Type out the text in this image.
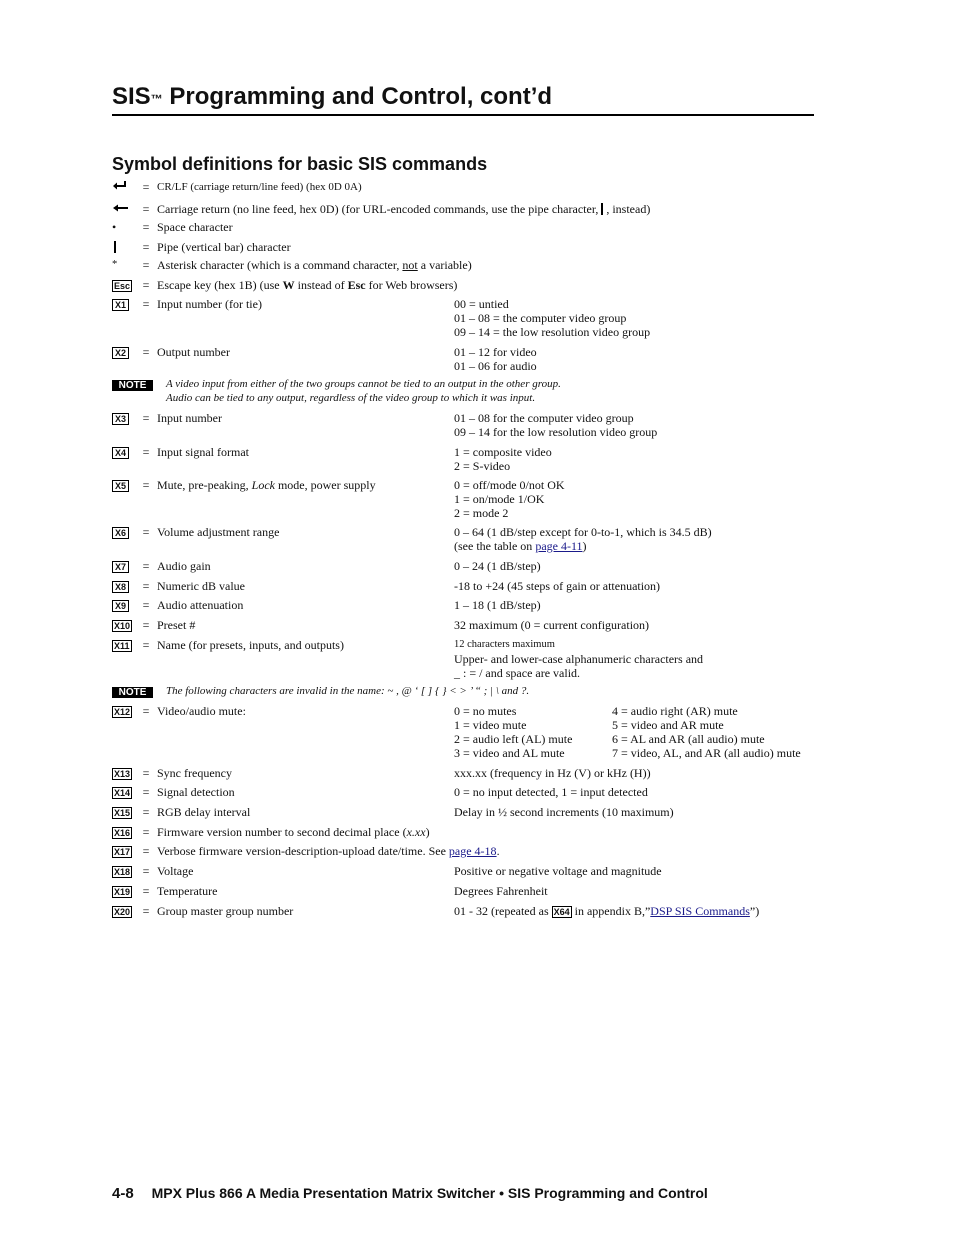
SIS™ Programming and Control, cont’d
Symbol definitions for basic SIS commands
= CR/LF (carriage return/line feed) (hex 0D 0A)
= Carriage return (no line feed, hex 0D) (for URL-encoded commands, use the pipe character, , instead)
•	= Space character
= Pipe (vertical bar) character
*	= Asterisk character (which is a command character, not a variable)
Esc	= Escape key (hex 1B) (use W instead of Esc for Web browsers)
X1	= Input number (for tie)	00 = untied
01 – 08 = the computer video group
09 – 14 = the low resolution video group
X2	= Output number	01 – 12 for video
01 – 06 for audio
NOTE A video input from either of the two groups cannot be tied to an output in the other group.
Audio can be tied to any output, regardless of the video group to which it was input.
X3	= Input number	01 – 08 for the computer video group
09 – 14 for the low resolution video group
X4	= Input signal format	1 = composite video
2 = S-video
X5	= Mute, pre-peaking, Lock mode, power supply	0 = off/mode 0/not OK
1 = on/mode 1/OK
2 = mode 2
X6	= Volume adjustment range	0 – 64 (1 dB/step except for 0-to-1, which is 34.5 dB)
(see the table on page 4-11)
X7	= Audio gain	0 – 24 (1 dB/step)
X8	= Numeric dB value	-18 to +24 (45 steps of gain or attenuation)
X9	= Audio attenuation	1 – 18 (1 dB/step)
X10	= Preset #	32 maximum (0 = current configuration)
X11	= Name (for presets, inputs, and outputs)	12 characters maximum
Upper- and lower-case alphanumeric characters and
_ : = / and space are valid.
NOTE The following characters are invalid in the name: ~ , @ ‘ [ ] { } < > ’ “ ; | \ and ?.
X12	= Video/audio mute:	0 = no mutes	4 = audio right (AR) mute
1 = video mute	5 = video and AR mute
2 = audio left (AL) mute	6 = AL and AR (all audio) mute
3 = video and AL mute	7 = video, AL, and AR (all audio) mute
X13	= Sync frequency	xxx.xx (frequency in Hz (V) or kHz (H))
X14	= Signal detection	0 = no input detected, 1 = input detected
X15	= RGB delay interval	Delay in ½ second increments (10 maximum)
X16	= Firmware version number to second decimal place (x.xx)
X17	= Verbose firmware version-description-upload date/time. See page 4-18.
X18	= Voltage	Positive or negative voltage and magnitude
X19	= Temperature	Degrees Fahrenheit
X20	= Group master group number	01 - 32 (repeated as X64 in appendix B,”DSP SIS Commands”)
4-8 MPX Plus 866 A Media Presentation Matrix Switcher • SIS Programming and Control
